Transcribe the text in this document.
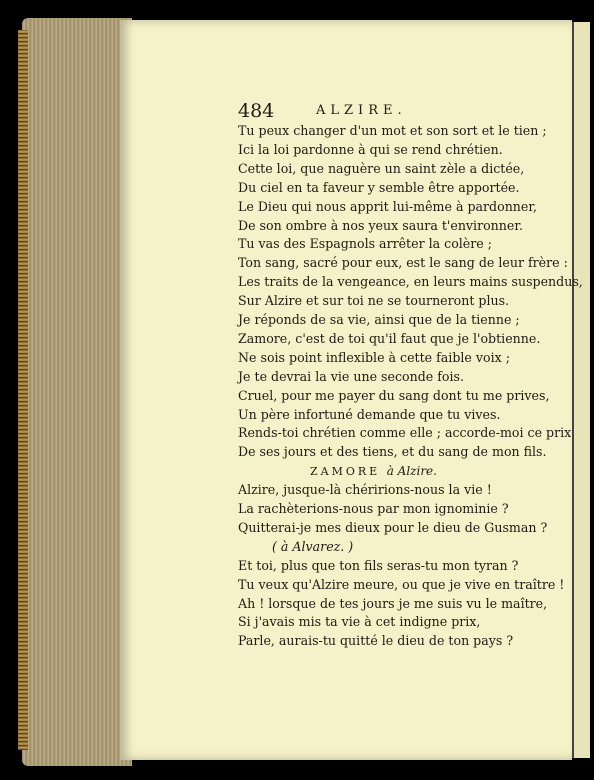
484	ALZIRE.
Tu peux changer d'un mot et son sort et le tien ;
Ici la loi pardonne à qui se rend chrétien.
Cette loi, que naguère un saint zèle a dictée,
Du ciel en ta faveur y semble être apportée.
Le Dieu qui nous apprit lui-même à pardonner,
De son ombre à nos yeux saura t'environner.
Tu vas des Espagnols arrêter la colère ;
Ton sang, sacré pour eux, est le sang de leur frère :
Les traits de la vengeance, en leurs mains suspendus,
Sur Alzire et sur toi ne se tourneront plus.
Je réponds de sa vie, ainsi que de la tienne ;
Zamore, c'est de toi qu'il faut que je l'obtienne.
Ne sois point inflexible à cette faible voix ;
Je te devrai la vie une seconde fois.
Cruel, pour me payer du sang dont tu me prives,
Un père infortuné demande que tu vives.
Rends-toi chrétien comme elle ; accorde-moi ce prix
De ses jours et des tiens, et du sang de mon fils.
ZAMORE à Alzire.
Alzire, jusque-là chéririons-nous la vie !
La rachèterions-nous par mon ignominie ?
Quitterai-je mes dieux pour le dieu de Gusman ?
( à Alvarez. )
Et toi, plus que ton fils seras-tu mon tyran ?
Tu veux qu'Alzire meure, ou que je vive en traître !
Ah ! lorsque de tes jours je me suis vu le maître,
Si j'avais mis ta vie à cet indigne prix,
Parle, aurais-tu quitté le dieu de ton pays ?
